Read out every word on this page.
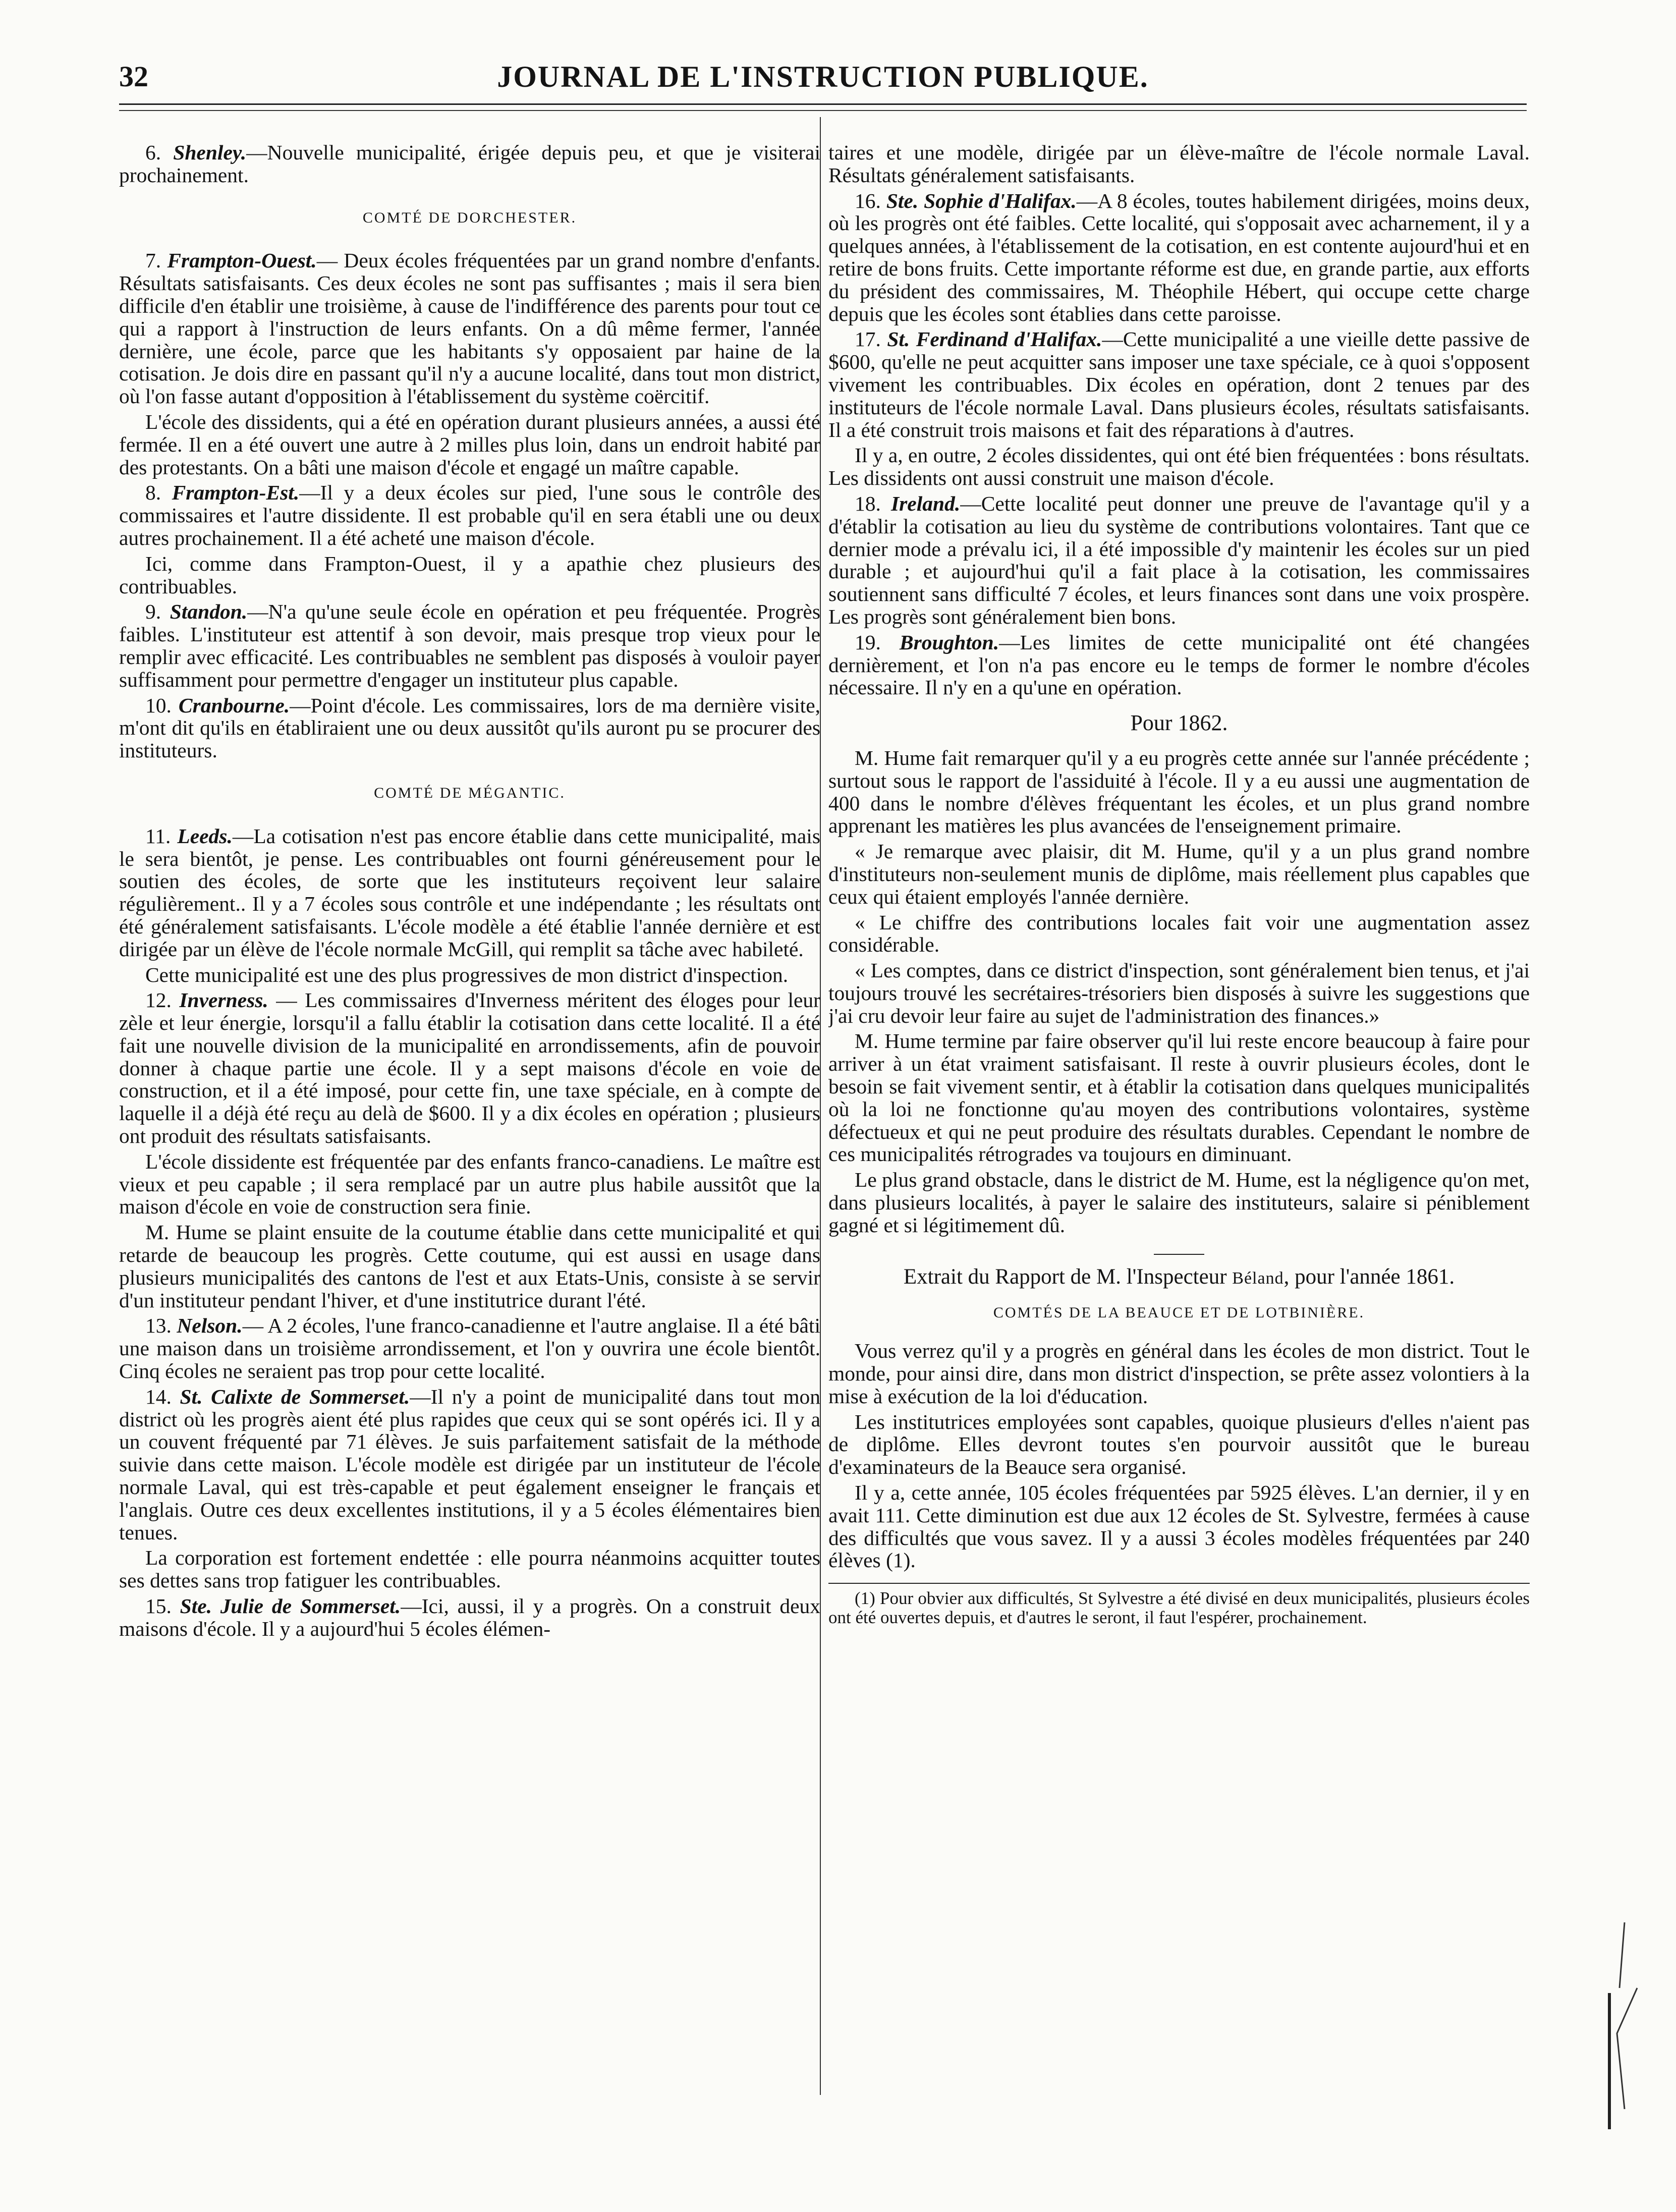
32	JOURNAL DE L'INSTRUCTION PUBLIQUE.

6. Shenley.—Nouvelle municipalité, érigée depuis peu, et que je visiterai prochainement.

COMTÉ DE DORCHESTER.

7. Frampton-Ouest.— Deux écoles fréquentées par un grand nombre d'enfants. Résultats satisfaisants. Ces deux écoles ne sont pas suffisantes ; mais il sera bien difficile d'en établir une troisième, à cause de l'indifférence des parents pour tout ce qui a rapport à l'instruction de leurs enfants. On a dû même fermer, l'année dernière, une école, parce que les habitants s'y opposaient par haine de la cotisation. Je dois dire en passant qu'il n'y a aucune localité, dans tout mon district, où l'on fasse autant d'opposition à l'établissement du système coërcitif.

L'école des dissidents, qui a été en opération durant plusieurs années, a aussi été fermée. Il en a été ouvert une autre à 2 milles plus loin, dans un endroit habité par des protestants. On a bâti une maison d'école et engagé un maître capable.

8. Frampton-Est.—Il y a deux écoles sur pied, l'une sous le contrôle des commissaires et l'autre dissidente. Il est probable qu'il en sera établi une ou deux autres prochainement. Il a été acheté une maison d'école.

Ici, comme dans Frampton-Ouest, il y a apathie chez plusieurs des contribuables.

9. Standon.—N'a qu'une seule école en opération et peu fréquentée. Progrès faibles. L'instituteur est attentif à son devoir, mais presque trop vieux pour le remplir avec efficacité. Les contribuables ne semblent pas disposés à vouloir payer suffisamment pour permettre d'engager un instituteur plus capable.

10. Cranbourne.—Point d'école. Les commissaires, lors de ma dernière visite, m'ont dit qu'ils en établiraient une ou deux aussitôt qu'ils auront pu se procurer des instituteurs.

COMTÉ DE MÉGANTIC.

11. Leeds.—La cotisation n'est pas encore établie dans cette municipalité, mais le sera bientôt, je pense. Les contribuables ont fourni généreusement pour le soutien des écoles, de sorte que les instituteurs reçoivent leur salaire régulièrement.. Il y a 7 écoles sous contrôle et une indépendante ; les résultats ont été généralement satisfaisants. L'école modèle a été établie l'année dernière et est dirigée par un élève de l'école normale McGill, qui remplit sa tâche avec habileté.

Cette municipalité est une des plus progressives de mon district d'inspection.

12. Inverness. — Les commissaires d'Inverness méritent des éloges pour leur zèle et leur énergie, lorsqu'il a fallu établir la cotisation dans cette localité. Il a été fait une nouvelle division de la municipalité en arrondissements, afin de pouvoir donner à chaque partie une école. Il y a sept maisons d'école en voie de construction, et il a été imposé, pour cette fin, une taxe spéciale, en à compte de laquelle il a déjà été reçu au delà de $600. Il y a dix écoles en opération ; plusieurs ont produit des résultats satisfaisants.

L'école dissidente est fréquentée par des enfants franco-canadiens. Le maître est vieux et peu capable ; il sera remplacé par un autre plus habile aussitôt que la maison d'école en voie de construction sera finie.

M. Hume se plaint ensuite de la coutume établie dans cette municipalité et qui retarde de beaucoup les progrès. Cette coutume, qui est aussi en usage dans plusieurs municipalités des cantons de l'est et aux Etats-Unis, consiste à se servir d'un instituteur pendant l'hiver, et d'une institutrice durant l'été.

13. Nelson.— A 2 écoles, l'une franco-canadienne et l'autre anglaise. Il a été bâti une maison dans un troisième arrondissement, et l'on y ouvrira une école bientôt. Cinq écoles ne seraient pas trop pour cette localité.

14. St. Calixte de Sommerset.—Il n'y a point de municipalité dans tout mon district où les progrès aient été plus rapides que ceux qui se sont opérés ici. Il y a un couvent fréquenté par 71 élèves. Je suis parfaitement satisfait de la méthode suivie dans cette maison. L'école modèle est dirigée par un instituteur de l'école normale Laval, qui est très-capable et peut également enseigner le français et l'anglais. Outre ces deux excellentes institutions, il y a 5 écoles élémentaires bien tenues.

La corporation est fortement endettée : elle pourra néanmoins acquitter toutes ses dettes sans trop fatiguer les contribuables.

15. Ste. Julie de Sommerset.—Ici, aussi, il y a progrès. On a construit deux maisons d'école. Il y a aujourd'hui 5 écoles élémen-

taires et une modèle, dirigée par un élève-maître de l'école normale Laval. Résultats généralement satisfaisants.

16. Ste. Sophie d'Halifax.—A 8 écoles, toutes habilement dirigées, moins deux, où les progrès ont été faibles. Cette localité, qui s'opposait avec acharnement, il y a quelques années, à l'établissement de la cotisation, en est contente aujourd'hui et en retire de bons fruits. Cette importante réforme est due, en grande partie, aux efforts du président des commissaires, M. Théophile Hébert, qui occupe cette charge depuis que les écoles sont établies dans cette paroisse.

17. St. Ferdinand d'Halifax.—Cette municipalité a une vieille dette passive de $600, qu'elle ne peut acquitter sans imposer une taxe spéciale, ce à quoi s'opposent vivement les contribuables. Dix écoles en opération, dont 2 tenues par des instituteurs de l'école normale Laval. Dans plusieurs écoles, résultats satisfaisants. Il a été construit trois maisons et fait des réparations à d'autres.

Il y a, en outre, 2 écoles dissidentes, qui ont été bien fréquentées : bons résultats. Les dissidents ont aussi construit une maison d'école.

18. Ireland.—Cette localité peut donner une preuve de l'avantage qu'il y a d'établir la cotisation au lieu du système de contributions volontaires. Tant que ce dernier mode a prévalu ici, il a été impossible d'y maintenir les écoles sur un pied durable ; et aujourd'hui qu'il a fait place à la cotisation, les commissaires soutiennent sans difficulté 7 écoles, et leurs finances sont dans une voix prospère. Les progrès sont généralement bien bons.

19. Broughton.—Les limites de cette municipalité ont été changées dernièrement, et l'on n'a pas encore eu le temps de former le nombre d'écoles nécessaire. Il n'y en a qu'une en opération.

Pour 1862.

M. Hume fait remarquer qu'il y a eu progrès cette année sur l'année précédente ; surtout sous le rapport de l'assiduité à l'école. Il y a eu aussi une augmentation de 400 dans le nombre d'élèves fréquentant les écoles, et un plus grand nombre apprenant les matières les plus avancées de l'enseignement primaire.

« Je remarque avec plaisir, dit M. Hume, qu'il y a un plus grand nombre d'instituteurs non-seulement munis de diplôme, mais réellement plus capables que ceux qui étaient employés l'année dernière.

« Le chiffre des contributions locales fait voir une augmentation assez considérable.

« Les comptes, dans ce district d'inspection, sont généralement bien tenus, et j'ai toujours trouvé les secrétaires-trésoriers bien disposés à suivre les suggestions que j'ai cru devoir leur faire au sujet de l'administration des finances.»

M. Hume termine par faire observer qu'il lui reste encore beaucoup à faire pour arriver à un état vraiment satisfaisant. Il reste à ouvrir plusieurs écoles, dont le besoin se fait vivement sentir, et à établir la cotisation dans quelques municipalités où la loi ne fonctionne qu'au moyen des contributions volontaires, système défectueux et qui ne peut produire des résultats durables. Cependant le nombre de ces municipalités rétrogrades va toujours en diminuant.

Le plus grand obstacle, dans le district de M. Hume, est la négligence qu'on met, dans plusieurs localités, à payer le salaire des instituteurs, salaire si péniblement gagné et si légitimement dû.

Extrait du Rapport de M. l'Inspecteur Béland, pour l'année 1861.

COMTÉS DE LA BEAUCE ET DE LOTBINIÈRE.

Vous verrez qu'il y a progrès en général dans les écoles de mon district. Tout le monde, pour ainsi dire, dans mon district d'inspection, se prête assez volontiers à la mise à exécution de la loi d'éducation.

Les institutrices employées sont capables, quoique plusieurs d'elles n'aient pas de diplôme. Elles devront toutes s'en pourvoir aussitôt que le bureau d'examinateurs de la Beauce sera organisé.

Il y a, cette année, 105 écoles fréquentées par 5925 élèves. L'an dernier, il y en avait 111. Cette diminution est due aux 12 écoles de St. Sylvestre, fermées à cause des difficultés que vous savez. Il y a aussi 3 écoles modèles fréquentées par 240 élèves (1).

(1) Pour obvier aux difficultés, St Sylvestre a été divisé en deux municipalités, plusieurs écoles ont été ouvertes depuis, et d'autres le seront, il faut l'espérer, prochainement.
